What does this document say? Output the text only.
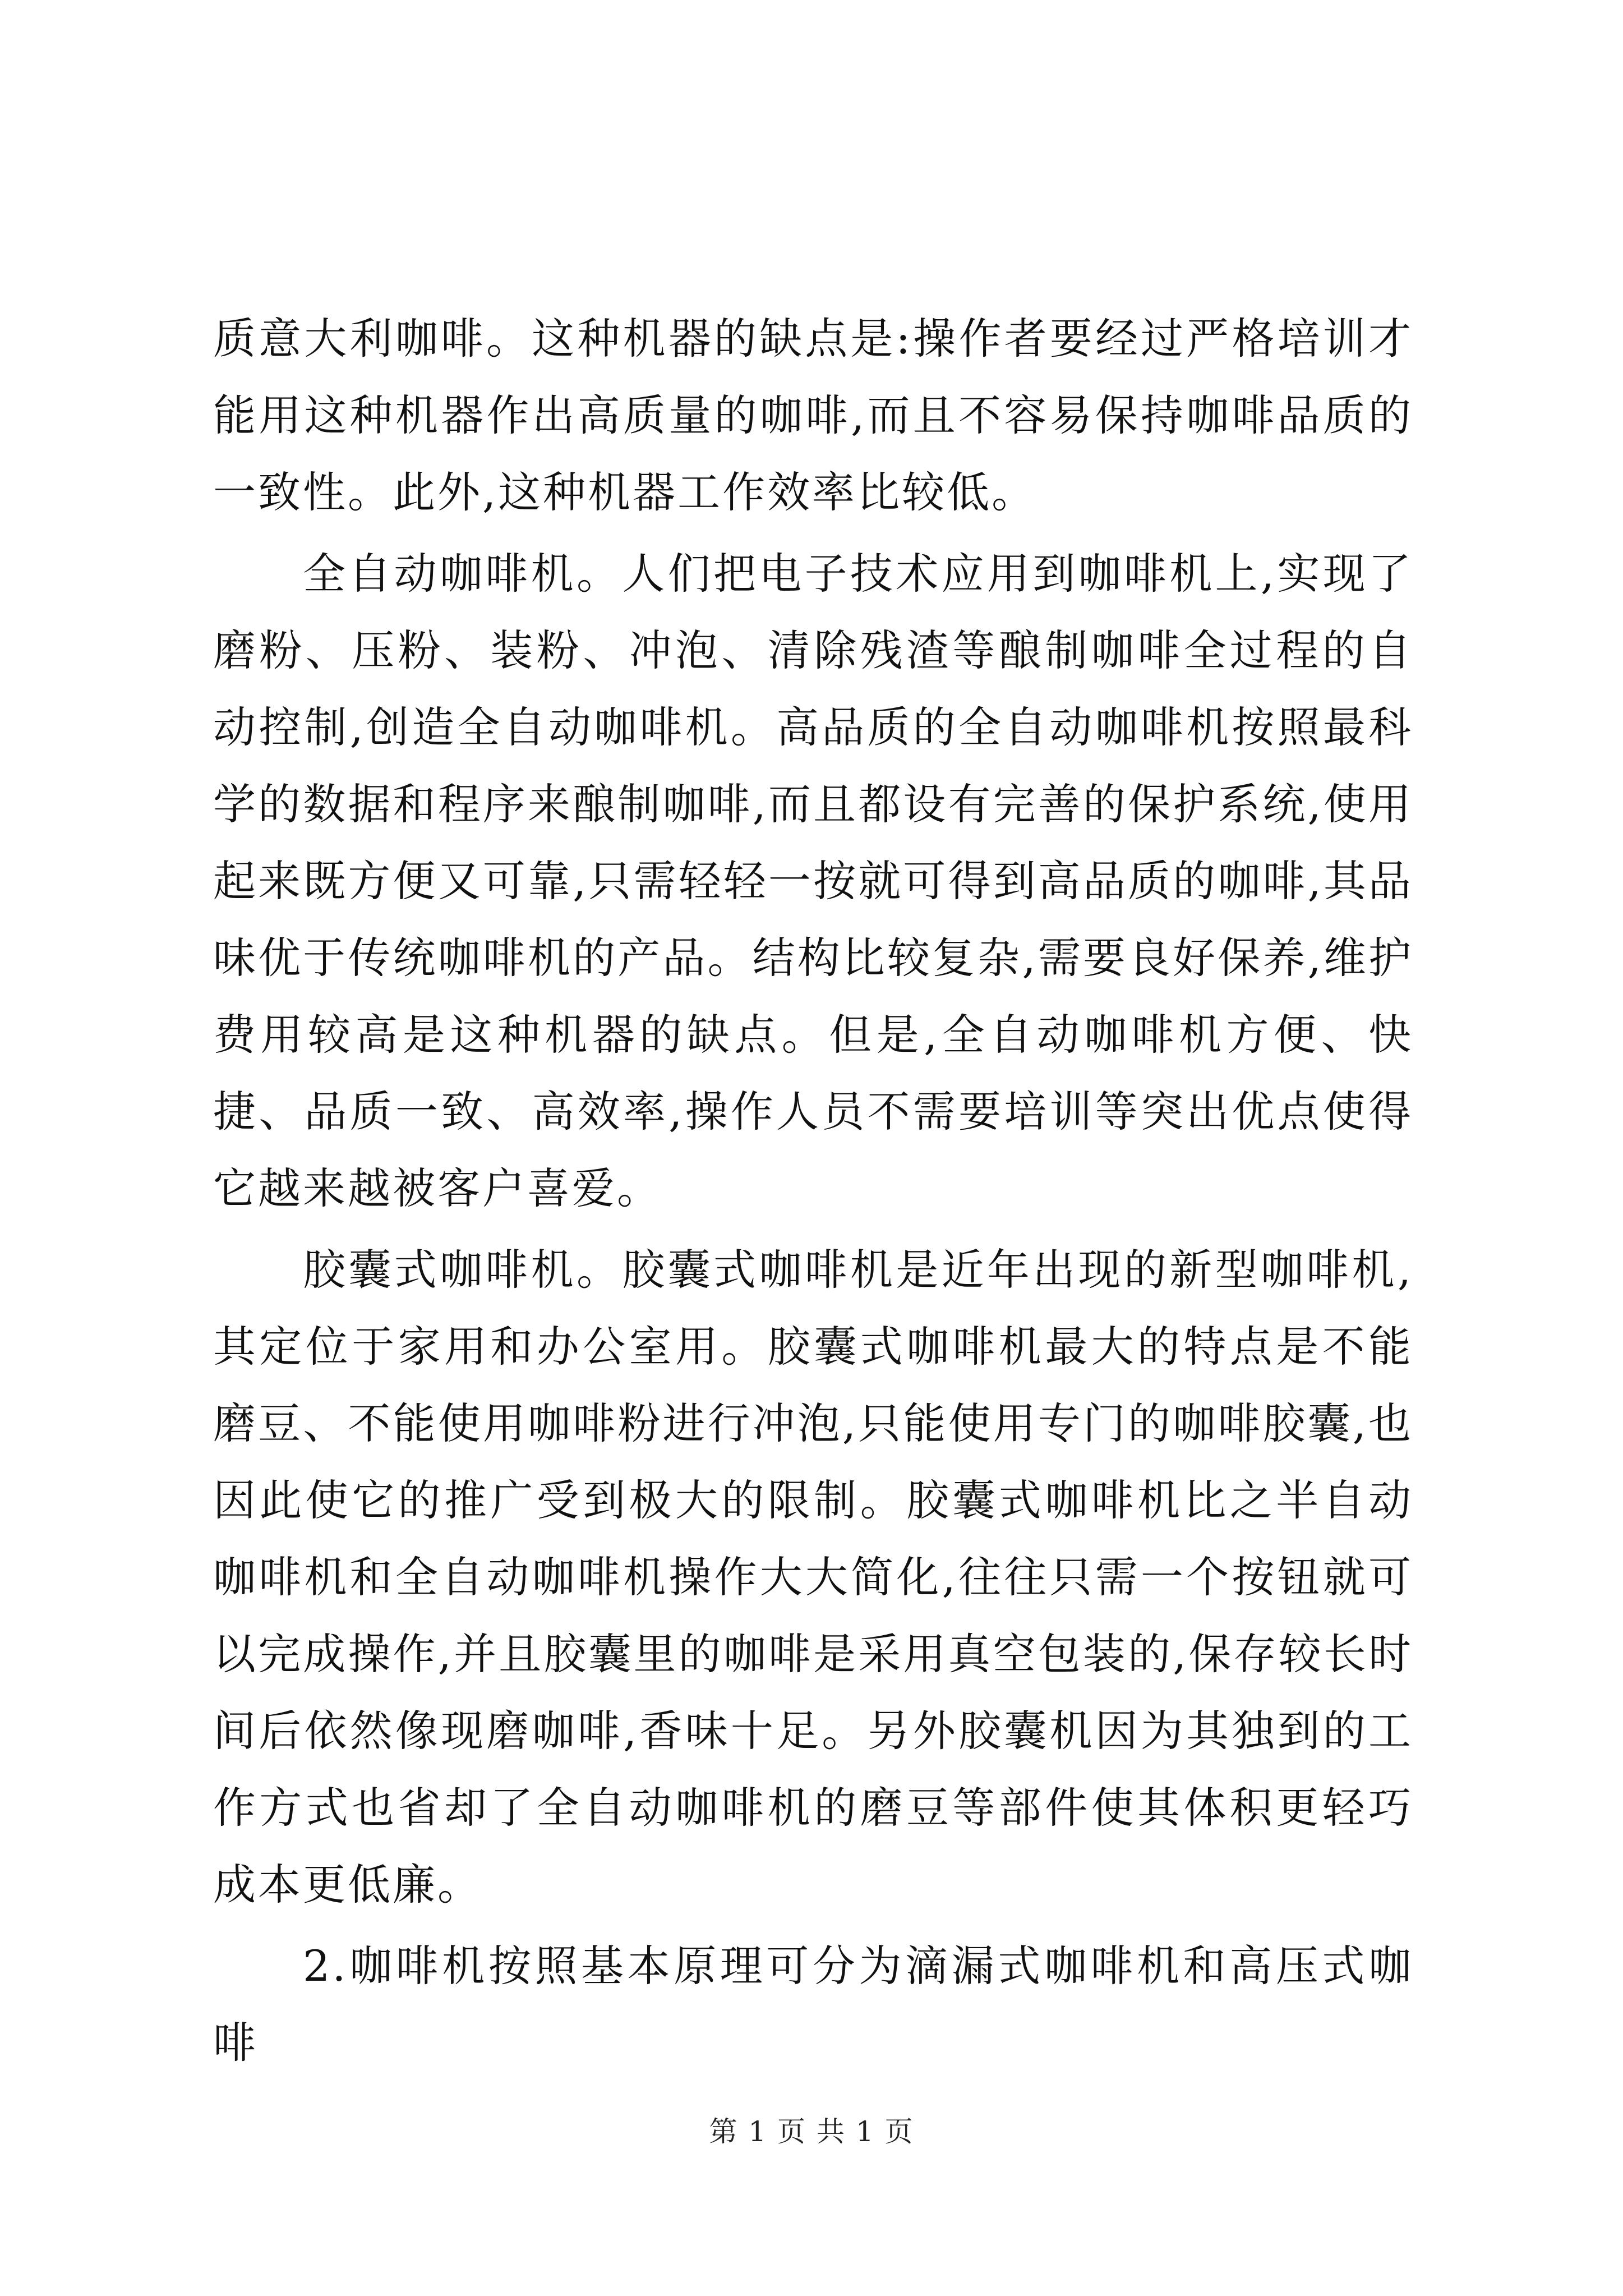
质意大利咖啡。这种机器的缺点是:操作者要经过严格培训才能用这种机器作出高质量的咖啡,而且不容易保持咖啡品质的一致性。此外,这种机器工作效率比较低。

全自动咖啡机。人们把电子技术应用到咖啡机上,实现了磨粉、压粉、装粉、冲泡、清除残渣等酿制咖啡全过程的自动控制,创造全自动咖啡机。高品质的全自动咖啡机按照最科学的数据和程序来酿制咖啡,而且都设有完善的保护系统,使用起来既方便又可靠,只需轻轻一按就可得到高品质的咖啡,其品味优于传统咖啡机的产品。结构比较复杂,需要良好保养,维护费用较高是这种机器的缺点。但是,全自动咖啡机方便、快捷、品质一致、高效率,操作人员不需要培训等突出优点使得它越来越被客户喜爱。

胶囊式咖啡机。胶囊式咖啡机是近年出现的新型咖啡机,其定位于家用和办公室用。胶囊式咖啡机最大的特点是不能磨豆、不能使用咖啡粉进行冲泡,只能使用专门的咖啡胶囊,也因此使它的推广受到极大的限制。胶囊式咖啡机比之半自动咖啡机和全自动咖啡机操作大大简化,往往只需一个按钮就可以完成操作,并且胶囊里的咖啡是采用真空包装的,保存较长时间后依然像现磨咖啡,香味十足。另外胶囊机因为其独到的工作方式也省却了全自动咖啡机的磨豆等部件使其体积更轻巧成本更低廉。

2.咖啡机按照基本原理可分为滴漏式咖啡机和高压式咖啡

第 1 页 共 1 页
